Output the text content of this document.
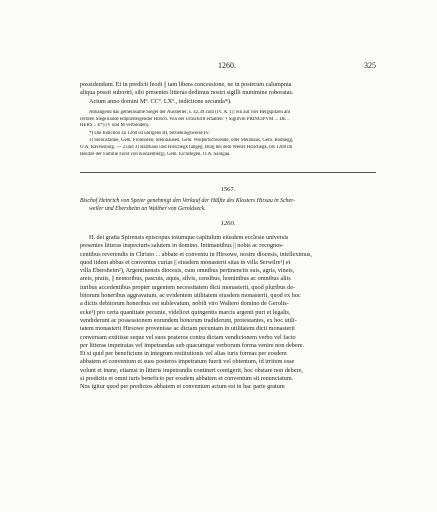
1260.	325
possidendum. Et in predicti feodi || tam libera concessione, ne in posterum calumpnia
aliqua possit suboriri, sibi presentes litteras dedimus nostri sigilli munimine roboratas.
Actum anno domini Mº. CCº. LXº., indictione secunda*).
Abhängend das gemeinsame Siegel der Aussteller, s. 42,39 zum (IV. A. 1): ein auf vier Bergspitzen am
rechten Siegelrande emporsteigender Hirsch. Von der Umschrift erhalten: † Sigillvm PRINCIPVM ... DE ..
HERS .. E*) (V und M verbunden).
*) Die Indiction zu 1260 ist übrigens III, beziehungsweise IV.
1) Steinisfanne, Gem. Fronhofen, Steinhausen, Gem. Wolpertschwende, oder Steinhaus, Gem. Bodnegg,
O.A. Ravensburg. — 2 und 3) Balzhaus und Hirschegk (abgeg. Burg bei dem Weiler Hirschegk, bis 1268 im
Besitze der Familie Fürst von Konzenberg), Gem. Eichstegen, O.A. Saulgau.
1567.
Bischof Heinrich von Speier genehmigt den Verkauf der Hälfte des Klosters Hirsau in Scher-
weiler und Ebersheim an Walther von Geroldseck.
1260.
H. dei gratia Spirensis episcopus totumque capitulum eiusdem ecclesie universis
presentes litteras inspecturis salutem in domino. Intimantibus || nobis ac recognos-
centibus reverendis in Christo . . abbate et conventu in Hirsowe, nostre diocesis, intelleximus,
quod iidem abbas et conventus curias || eiusdem monasterii sitas in villa Serwilre¹) et
villa Ebersheim²), Argentinensis diocesis, cum omnibus pertinenciis suis, agris, vineis,
areis, pratis, || nemoribus, pascuis, aquis, silvis, censibus, hominibus ac omnibus aliis
iuribus accedentibus propter urgentem necessitatem dicti monasterii, quod pluribus de-
bitorum honeribus aggravatum, ac evidentem utilitatem eiusdem monasterii, quod ex hoc
a dictis debitorum honeribus est sublevatum, nobili viro Waltero domino de Gerolts-
ecke³) pro certa quantitate pecunie, videlicet quingentis marcis argenti puri et legalis,
vendiderunt ac possessionem eorundem bonorum tradiderunt, protestantes, ex hoc utili-
tatem monasterii Hirsowe provenisse ac dictam pecuniam in utilitatem dicti monasterii
conversam extitisse seque vel suos posteros contra dictam vendicionem verbo vel facto
per litteras impetratas vel impetrandas sub quacumque verborum forma venire non debere.
Et si quid per beneficium in integrum restitutionis vel alias iuris formas per eosdem
abbatem et conventum et suos posteros impetratum fuerit vel obtentum, id irritum esse
volunt et inane, etiamsi in litteris impetrandis contineri contigerit, hoc obstare non debere,
si predictis et omni iuris beneficio per eosdem abbatem et conventum sit renunciatum.
Nos igitur quod per predictos abbatem et conventum actum est in hac parte gratum
